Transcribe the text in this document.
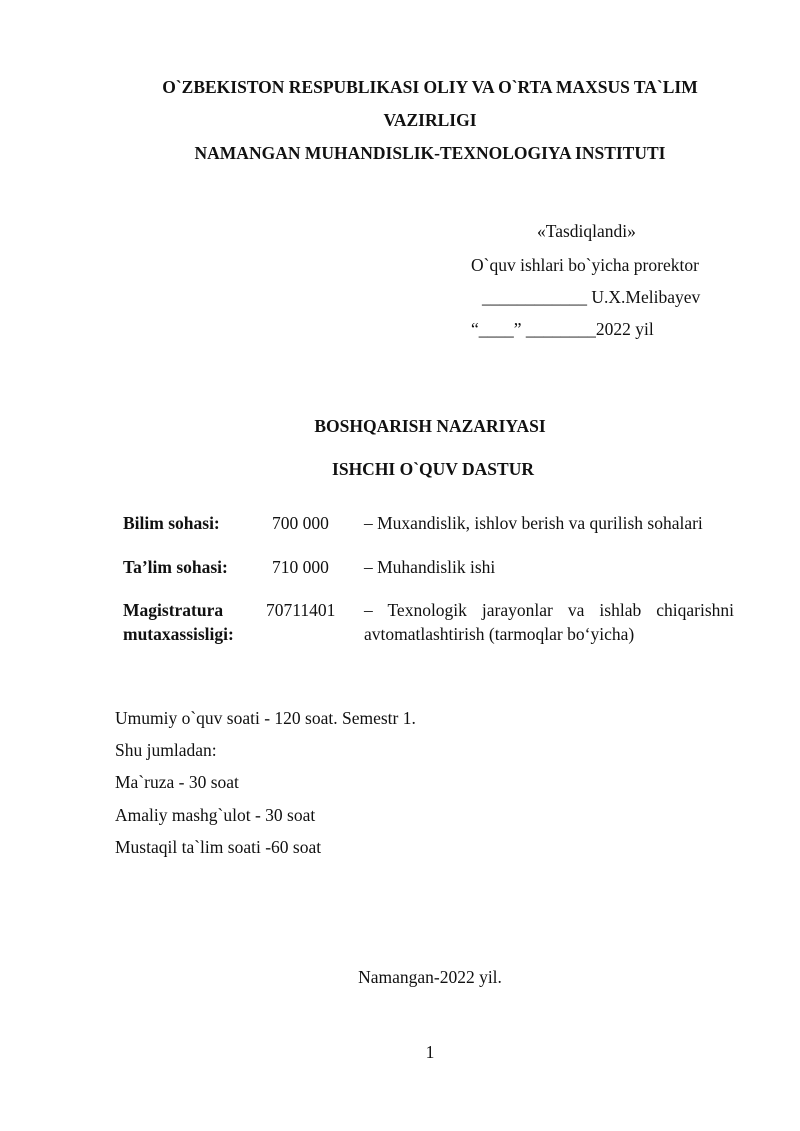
O`ZBEKISTON RESPUBLIKASI OLIY VA O`RTA MAXSUS TA`LIM
VAZIRLIGI
NAMANGAN MUHANDISLIK-TEXNOLOGIYA INSTITUTI
«Tasdiqlandi»
O`quv ishlari bo`yicha prorektor
____________ U.X.Melibayev
“____” ________2022 yil
BOSHQARISH NAZARIYASI
ISHCHI O`QUV DASTUR
Bilim sohasi:	700 000 – Muxandislik, ishlov berish va qurilish sohalari
Ta’lim sohasi:	710 000 – Muhandislik ishi
Magistratura mutaxassisligi:
70711401 – Texnologik jarayonlar va ishlab chiqarishni avtomatlashtirish (tarmoqlar bo‘yicha)
Umumiy o`quv soati - 120 soat. Semestr 1.
Shu jumladan:
Ma`ruza - 30 soat
Amaliy mashg`ulot - 30 soat
Mustaqil ta`lim soati -60 soat
Namangan-2022 yil.
1
